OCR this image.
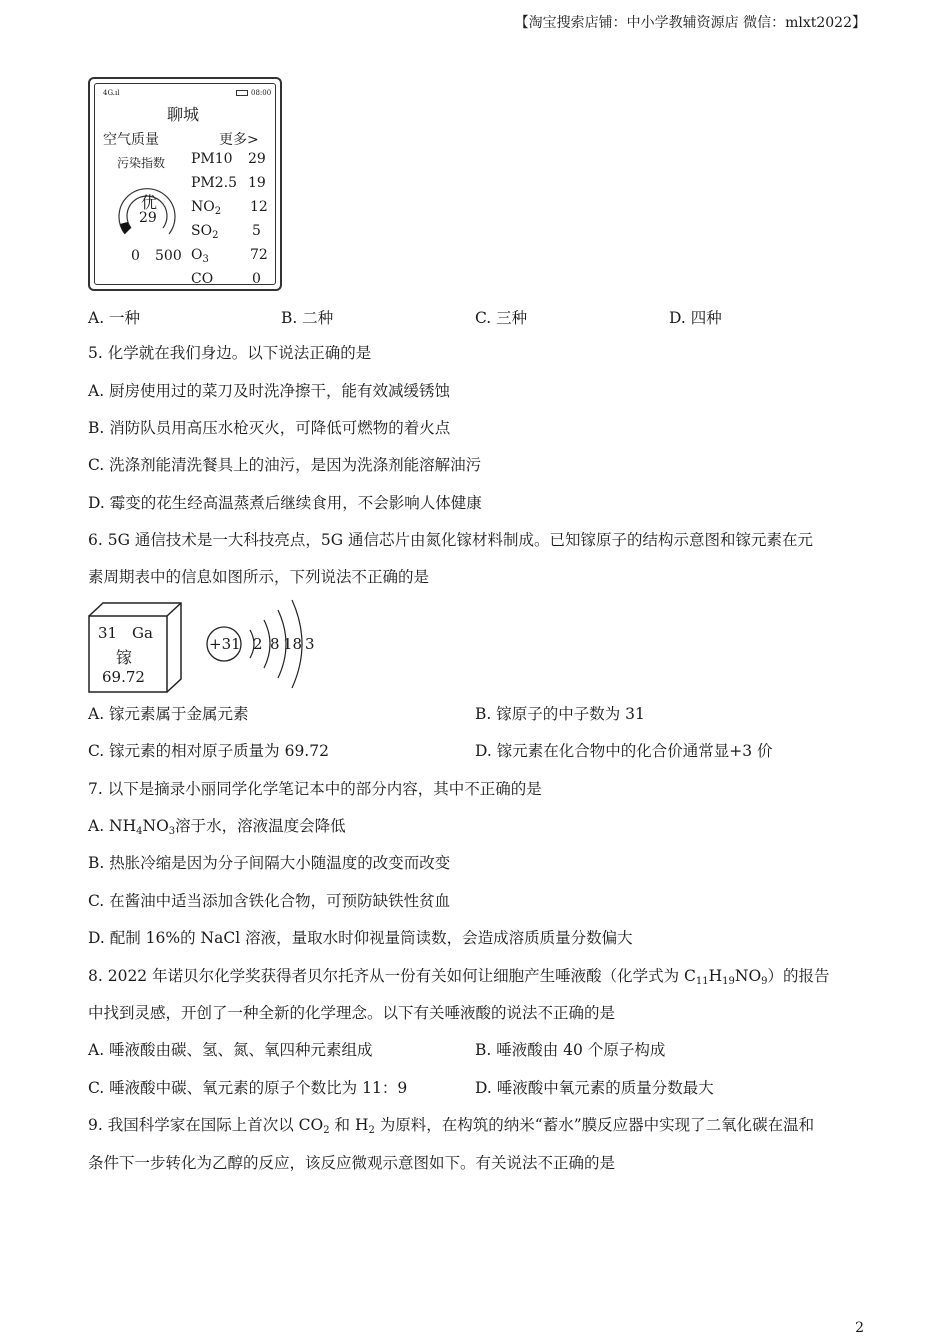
【淘宝搜索店铺：中小学教辅资源店 微信：mlxt2022】
4G.ıl	08:00
聊城
空气质量	更多>
污染指数
优
29
0 500
PM10 29
PM2.5 19
$NO_2$ 12
$SO_2$ 5
$O_3$	72
CO	0
A. 一种	B. 二种	C. 三种	D. 四种
5. 化学就在我们身边。以下说法正确的是
A. 厨房使用过的菜刀及时洗净擦干，能有效减缓锈蚀
B. 消防队员用高压水枪灭火，可降低可燃物的着火点
C. 洗涤剂能清洗餐具上的油污，是因为洗涤剂能溶解油污
D. 霉变的花生经高温蒸煮后继续食用，不会影响人体健康
6. 5G 通信技术是一大科技亮点，5G 通信芯片由氮化镓材料制成。已知镓原子的结构示意图和镓元素在元
素周期表中的信息如图所示，下列说法不正确的是
31 Ga
镓
69.72
+31 2 8 18 3
A. 镓元素属于金属元素	B. 镓原子的中子数为 31
C. 镓元素的相对原子质量为 69.72	D. 镓元素在化合物中的化合价通常显+3 价
7. 以下是摘录小丽同学化学笔记本中的部分内容，其中不正确的是
A. $NH_4NO_3$溶于水，溶液温度会降低
B. 热胀冷缩是因为分子间隔大小随温度的改变而改变
C. 在酱油中适当添加含铁化合物，可预防缺铁性贫血
D. 配制 16%的 NaCl 溶液，量取水时仰视量筒读数，会造成溶质质量分数偏大
8. 2022 年诺贝尔化学奖获得者贝尔托齐从一份有关如何让细胞产生唾液酸（化学式为 $C_{11}H_{19}NO_9$）的报告
中找到灵感，开创了一种全新的化学理念。以下有关唾液酸的说法不正确的是
A. 唾液酸由碳、氢、氮、氧四种元素组成	B. 唾液酸由 40 个原子构成
C. 唾液酸中碳、氧元素的原子个数比为 11：9	D. 唾液酸中氧元素的质量分数最大
9. 我国科学家在国际上首次以 $CO_2$ 和 $H_2$ 为原料，在构筑的纳米“蓄水”膜反应器中实现了二氧化碳在温和
条件下一步转化为乙醇的反应，该反应微观示意图如下。有关说法不正确的是
2
